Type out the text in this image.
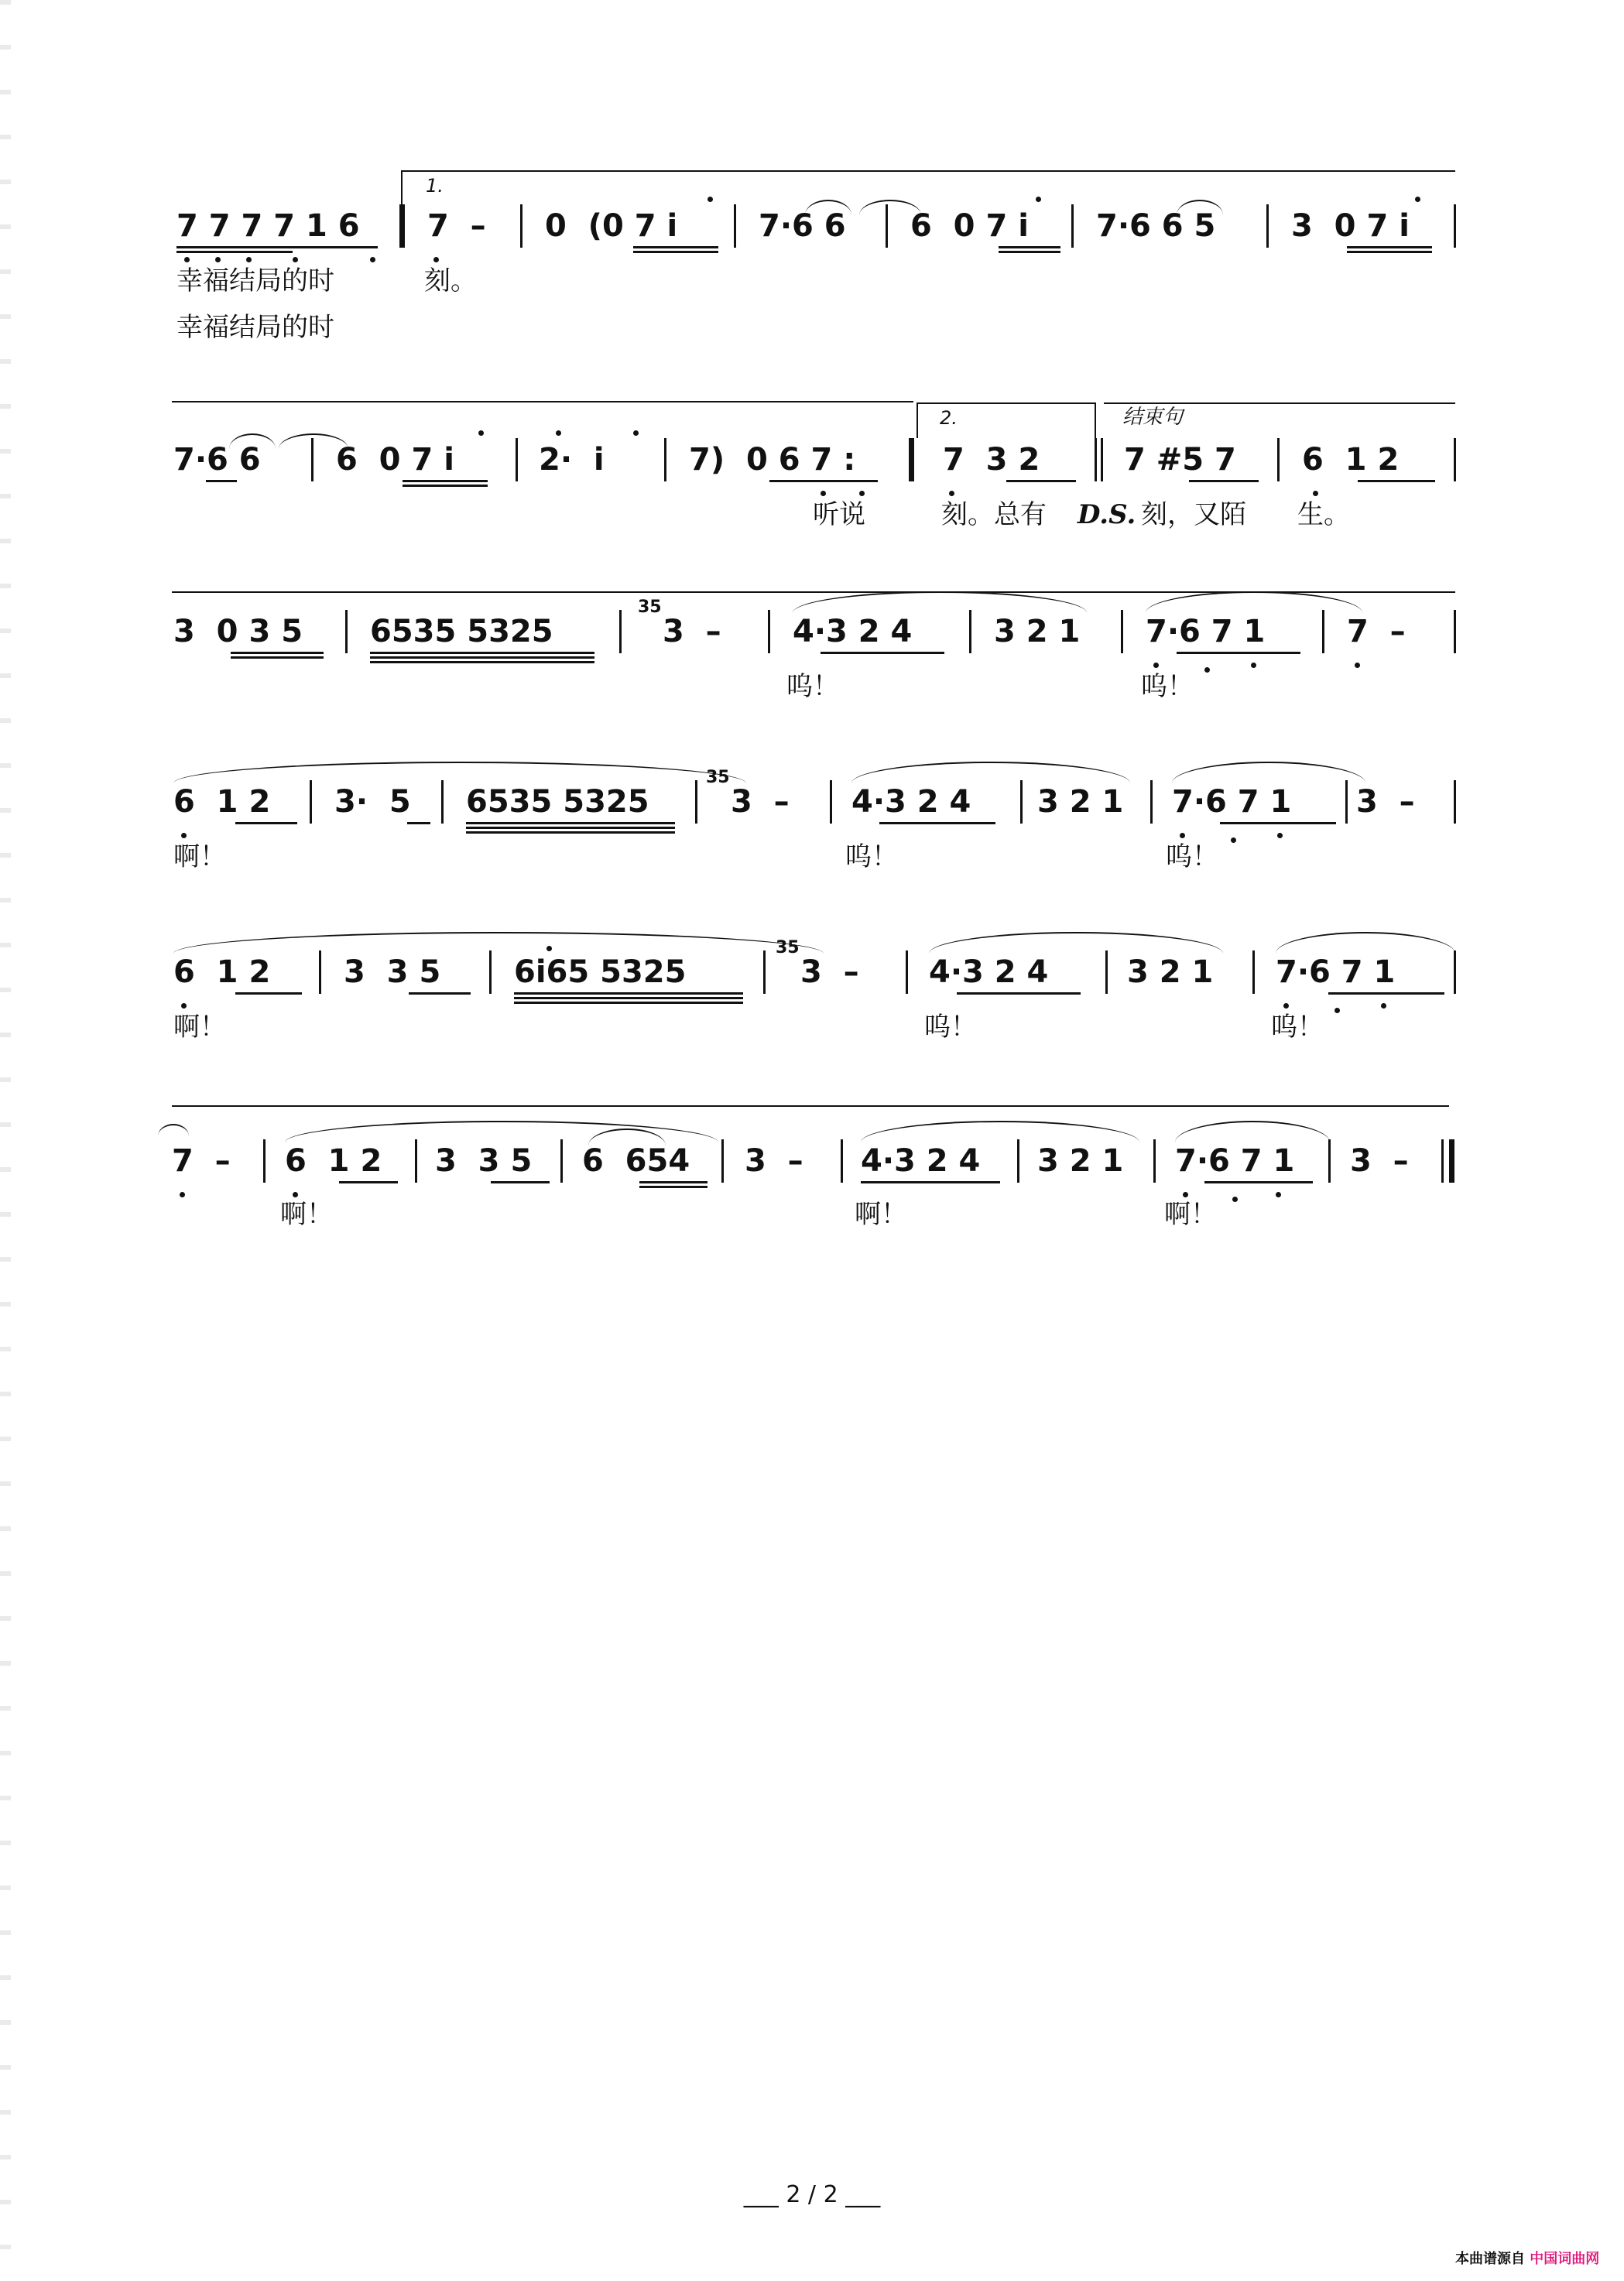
1.
7 7 7 7 1 6 7  – 0  (0 7 i	7·6 6 6  0 7 i 7·6 6 5 3  0 7 i
幸福结局的时	刻。
幸福结局的时
2.	结束句
7·6 6 6  0 7 i	2·  i	7)  0 6 7 :	7  3 2	7 #5 7 6  1 2
听说	刻。总有 D.S. 刻，又陌 生。
3  0 3 5 6535 5325
35
3  – 4·3 2 4	3 2 1 7·6 7 1	7  –
呜！	呜！
6  1 2 3·  5 6535 5325
35
3  – 4·3 2 4 3 2 1 7·6 7 1 3  –
啊！	呜！	呜！
6  1 2 3  3 5 6i65 5325
35
3  – 4·3 2 4	3 2 1 7·6 7 1
啊！	呜！	呜！
7  – 6  1 2 3  3 5 6  654 3  – 4·3 2 4 3 2 1 7·6 7 1 3  –
啊！	啊！	啊！
___ 2 / 2 ___
本曲谱源自 中国词曲网
